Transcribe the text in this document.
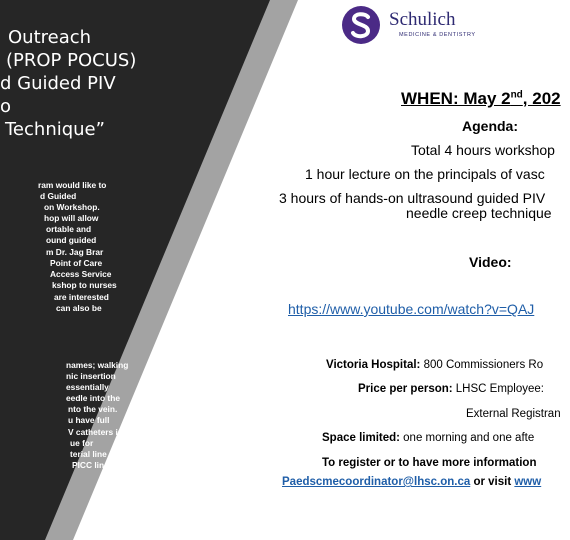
Outreach
(PROP POCUS)
d Guided PIV
o
Technique”
ram would like to
d Guided
on Workshop.
hop will allow
ortable and
ound guided
m Dr. Jag Brar
Point of Care
Access Service
kshop to nurses
are interested
can also be
names; walking
nic insertion
essentially
eedle into the
nto the vein.
u have full
V catheters into
ue for
terial line
PICC line
Schulich
MEDICINE & DENTISTRY
WHEN: May 2nd, 202
Agenda:
Total 4 hours workshop
1 hour lecture on the principals of vasc
3 hours of hands-on ultrasound guided PIV
needle creep technique
Video:
https://www.youtube.com/watch?v=QAJ
Victoria Hospital: 800 Commissioners Ro
Price per person: LHSC Employee:
External Registran
Space limited: one morning and one afte
To register or to have more information
Paedscmecoordinator@lhsc.on.ca or visit www
